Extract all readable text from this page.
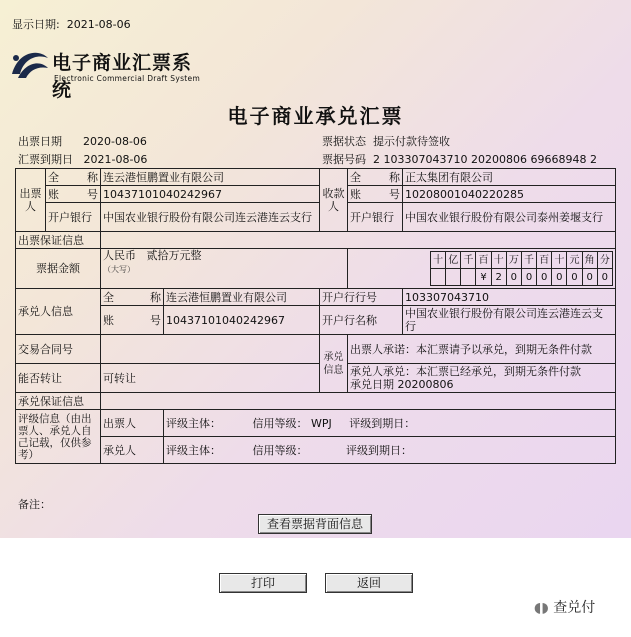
显示日期: 2021-08-06
电子商业汇票系统
Electronic Commercial Draft System
电子商业承兑汇票
出票日期 2020-08-06
汇票到期日 2021-08-06
票据状态 提示付款待签收
票据号码 2 103307043710 20200806 69668948 2
出票人	全 称	连云港恒鹏置业有限公司	收款人	全 称	正太集团有限公司
账 号	10437101040242967	账 号	10208001040220285
开户银行	中国农业银行股份有限公司连云港连云支行	开户银行	中国农业银行股份有限公司泰州姜堰支行
出票保证信息	
票据金额	人民币 贰拾万元整
（大写）	
十	亿	千	百	十	万	千	百	十	元	角	分
			¥	2	0	0	0	0	0	0	0

承兑人信息	全 称	连云港恒鹏置业有限公司	开户行行号	103307043710
账 号	10437101040242967	开户行名称	中国农业银行股份有限公司连云港连云支行
交易合同号		承兑信息	出票人承诺：本汇票请予以承兑，到期无条件付款
能否转让	可转让	承兑人承兑：本汇票已经承兑，到期无条件付款
承兑日期 20200806
承兑保证信息	
评级信息（由出票人、承兑人自己记载，仅供参考）	出票人	评级主体：	信用等级： WPJ 评级到期日：
承兑人	评级主体：	信用等级：	评级到期日：
备注：
查看票据背面信息
打印	返回
◖◗ 查兑付
